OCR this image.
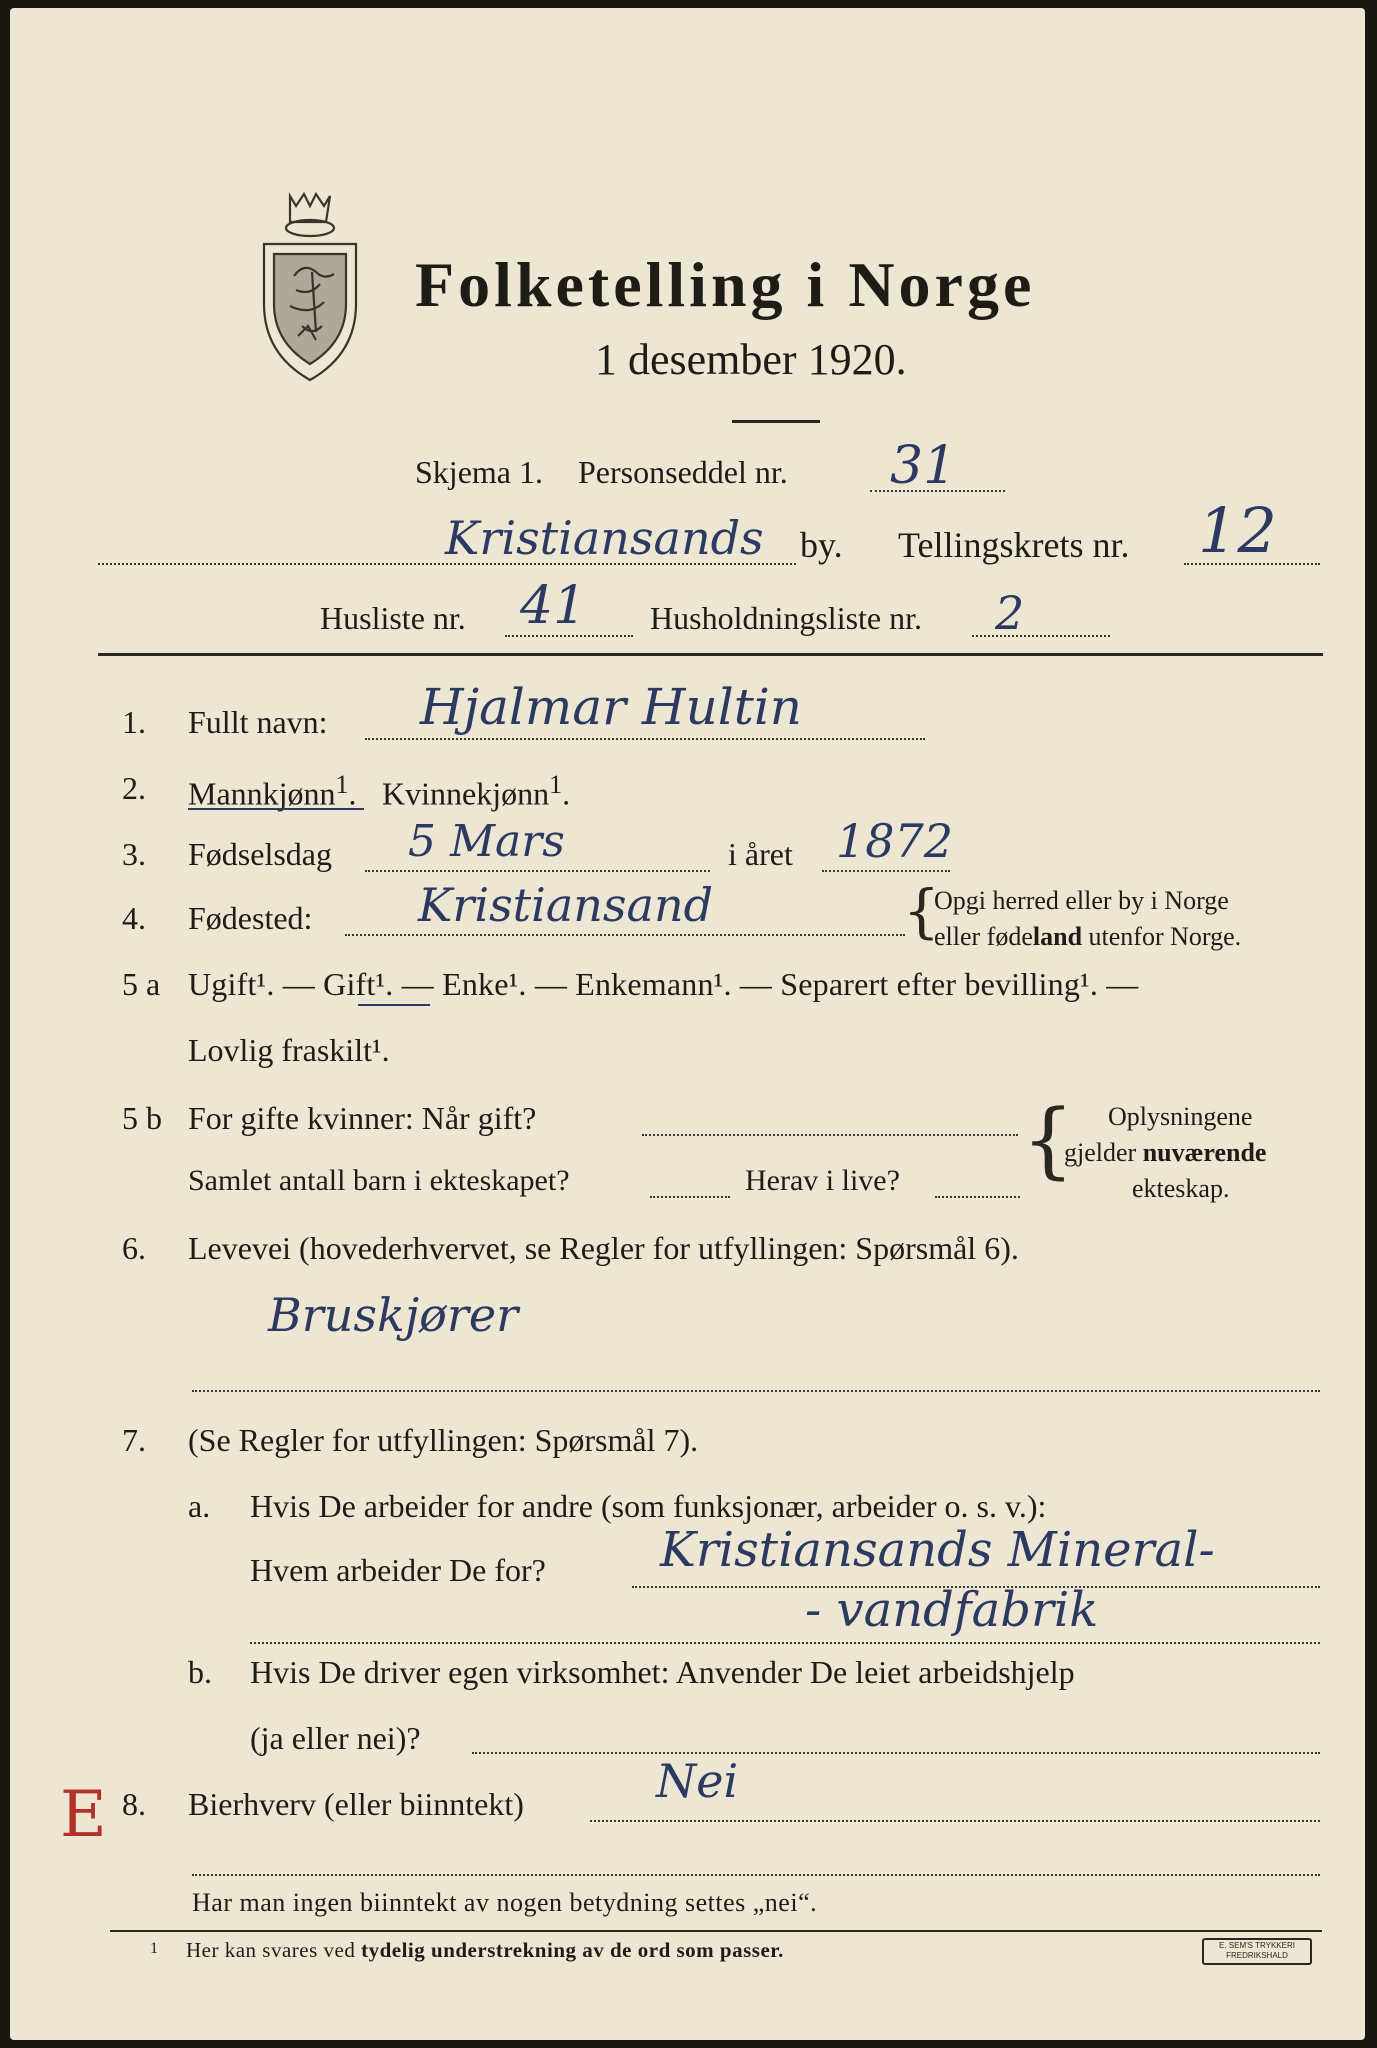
Folketelling i Norge
1 desember 1920.
Skjema 1. Personseddel nr. 31
Kristiansands by. Tellingskrets nr. 12
Husliste nr. 41 Husholdningsliste nr. 2
1. Fullt navn: Hjalmar Hultin
2. Mannkjønn$^1$. Kvinnekjønn$^1$.
3. Fødselsdag 5 Mars	i året 1872
4. Fødested: Kristiansand	{
Opgi herred eller by i Norge
eller fødeland utenfor Norge.
5 a Ugift¹. — Gift¹. — Enke¹. — Enkemann¹. — Separert efter bevilling¹. —
Lovlig fraskilt¹.
5 b For gifte kvinner: Når gift?
Samlet antall barn i ekteskapet?	Herav i live? { Oplysningene
gjelder nuværende
ekteskap.
6. Levevei (hovederhvervet, se Regler for utfyllingen: Spørsmål 6).
Bruskjører
7. (Se Regler for utfyllingen: Spørsmål 7).
a. Hvis De arbeider for andre (som funksjonær, arbeider o. s. v.):
Hvem arbeider De for? Kristiansands Mineral-
- vandfabrik
b. Hvis De driver egen virksomhet: Anvender De leiet arbeidshjelp
(ja eller nei)?
E 8. Bierhverv (eller biinntekt)	Nei
Har man ingen biinntekt av nogen betydning settes „nei“.
1 Her kan svares ved tydelig understrekning av de ord som passer.	E. SEM'S TRYKKERI
FREDRIKSHALD
